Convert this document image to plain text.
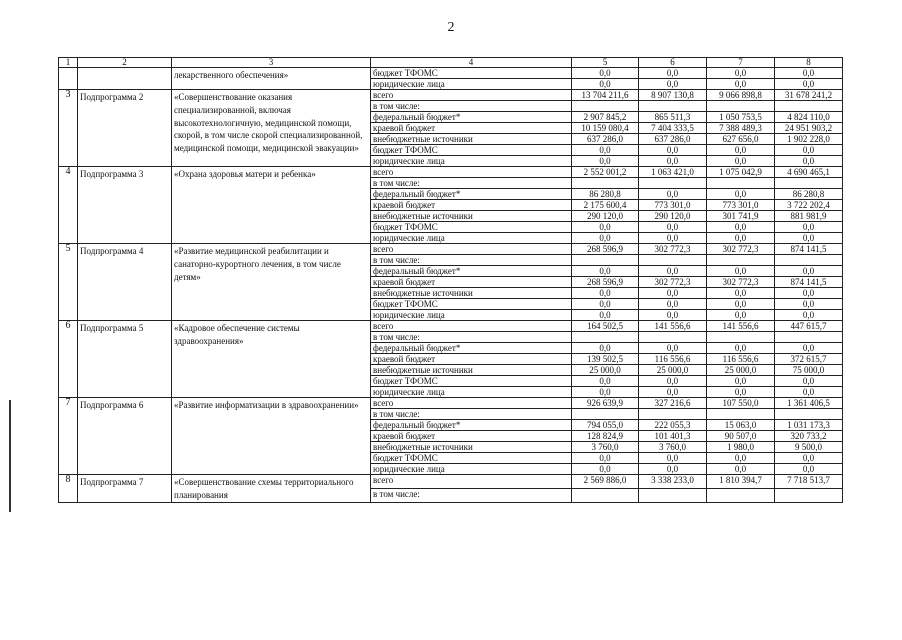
2
1	2	3	4	5	6	7	8
		лекарственного обеспечения»	бюджет ТФОМС	0,0	0,0	0,0	0,0
			юридические лица	0,0	0,0	0,0	0,0
3	Подпрограмма 2	«Совершенствование оказания специализированной, включая высокотехнологичную, медицинской помощи, скорой, в том числе скорой специализированной, медицинской помощи, медицинской эвакуации»	всего	13 704 211,6	8 907 130,8	9 066 898,8	31 678 241,2
			в том числе:				
			федеральный бюджет*	2 907 845,2	865 511,3	1 050 753,5	4 824 110,0
			краевой бюджет	10 159 080,4	7 404 333,5	7 388 489,3	24 951 903,2
			внебюджетные источники	637 286,0	637 286,0	627 656,0	1 902 228,0
			бюджет ТФОМС	0,0	0,0	0,0	0,0
			юридические лица	0,0	0,0	0,0	0,0
4	Подпрограмма 3	«Охрана здоровья матери и ребенка»	всего	2 552 001,2	1 063 421,0	1 075 042,9	4 690 465,1
			в том числе:				
			федеральный бюджет*	86 280,8	0,0	0,0	86 280,8
			краевой бюджет	2 175 600,4	773 301,0	773 301,0	3 722 202,4
			внебюджетные источники	290 120,0	290 120,0	301 741,9	881 981,9
			бюджет ТФОМС	0,0	0,0	0,0	0,0
			юридические лица	0,0	0,0	0,0	0,0
5	Подпрограмма 4	«Развитие медицинской реабилитации и санаторно-курортного лечения, в том числе детям»	всего	268 596,9	302 772,3	302 772,3	874 141,5
			в том числе:				
			федеральный бюджет*	0,0	0,0	0,0	0,0
			краевой бюджет	268 596,9	302 772,3	302 772,3	874 141,5
			внебюджетные источники	0,0	0,0	0,0	0,0
			бюджет ТФОМС	0,0	0,0	0,0	0,0
			юридические лица	0,0	0,0	0,0	0,0
6	Подпрограмма 5	«Кадровое обеспечение системы здравоохранения»	всего	164 502,5	141 556,6	141 556,6	447 615,7
			в том числе:				
			федеральный бюджет*	0,0	0,0	0,0	0,0
			краевой бюджет	139 502,5	116 556,6	116 556,6	372 615,7
			внебюджетные источники	25 000,0	25 000,0	25 000,0	75 000,0
			бюджет ТФОМС	0,0	0,0	0,0	0,0
			юридические лица	0,0	0,0	0,0	0,0
7	Подпрограмма 6	«Развитие информатизации в здравоохранении»	всего	926 639,9	327 216,6	107 550,0	1 361 406,5
			в том числе:				
			федеральный бюджет*	794 055,0	222 055,3	15 063,0	1 031 173,3
			краевой бюджет	128 824,9	101 401,3	90 507,0	320 733,2
			внебюджетные источники	3 760,0	3 760,0	1 980,0	9 500,0
			бюджет ТФОМС	0,0	0,0	0,0	0,0
			юридические лица	0,0	0,0	0,0	0,0
8	Подпрограмма 7	«Совершенствование схемы территориального планирования	всего	2 569 886,0	3 338 233,0	1 810 394,7	7 718 513,7
			в том числе:				
